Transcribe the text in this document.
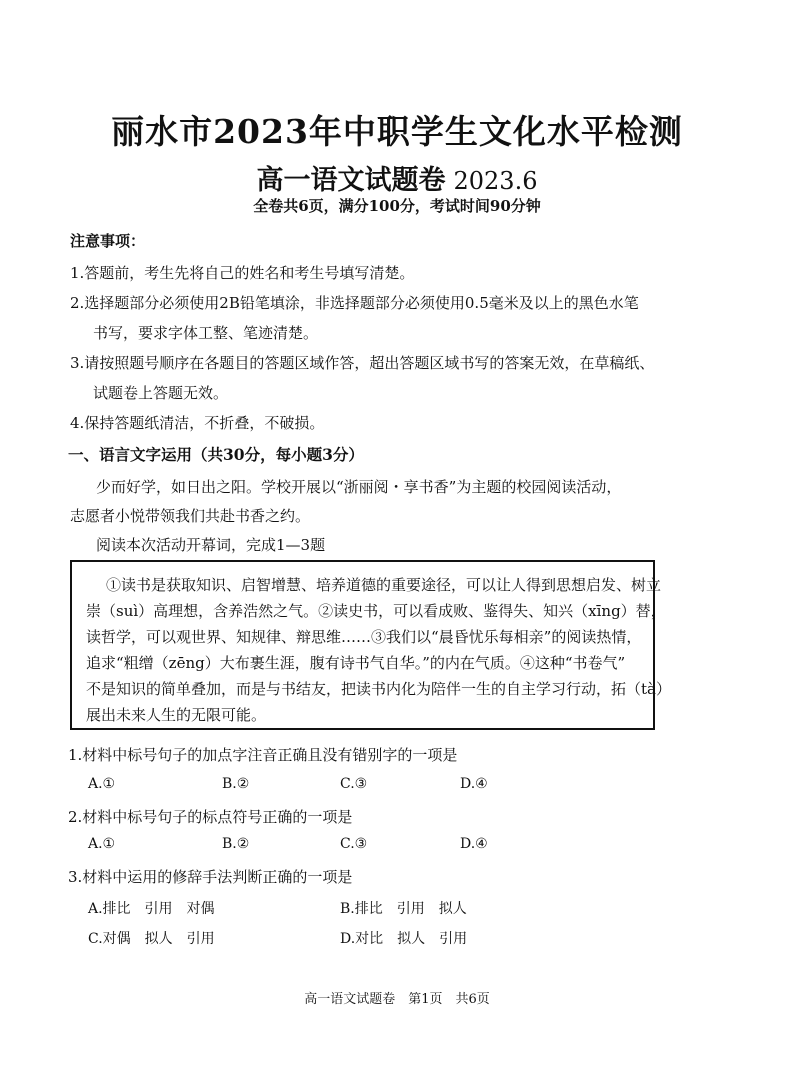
丽水市2023年中职学生文化水平检测
高一语文试题卷 2023.6
全卷共6页，满分100分，考试时间90分钟
注意事项：
1.答题前，考生先将自己的姓名和考生号填写清楚。
2.选择题部分必须使用2B铅笔填涂，非选择题部分必须使用0.5毫米及以上的黑色水笔
书写，要求字体工整、笔迹清楚。
3.请按照题号顺序在各题目的答题区域作答，超出答题区域书写的答案无效，在草稿纸、
试题卷上答题无效。
4.保持答题纸清洁，不折叠，不破损。
一、语言文字运用（共30分，每小题3分）
少而好学，如日出之阳。学校开展以“浙丽阅・享书香”为主题的校园阅读活动，
志愿者小悦带领我们共赴书香之约。
阅读本次活动开幕词，完成1—3题
①读书是获取知识、启智增慧、培养道德的重要途径，可以让人得到思想启发、树立
崇（suì）高理想，含养浩然之气。②读史书，可以看成败、鉴得失、知兴（xīng）替，
读哲学，可以观世界、知规律、辩思维……③我们以“晨昏忧乐每相亲”的阅读热情，
追求“粗缯（zēng）大布裹生涯，腹有诗书气自华。”的内在气质。④这种“书卷气”
不是知识的简单叠加，而是与书结友，把读书内化为陪伴一生的自主学习行动，拓（tà）
展出未来人生的无限可能。
1.材料中标号句子的加点字注音正确且没有错别字的一项是
A.①	B.②	C.③	D.④
2.材料中标号句子的标点符号正确的一项是
A.①	B.②	C.③	D.④
3.材料中运用的修辞手法判断正确的一项是
A.排比　引用　对偶	B.排比　引用　拟人
C.对偶　拟人　引用	D.对比　拟人　引用
高一语文试题卷　第1页　共6页
